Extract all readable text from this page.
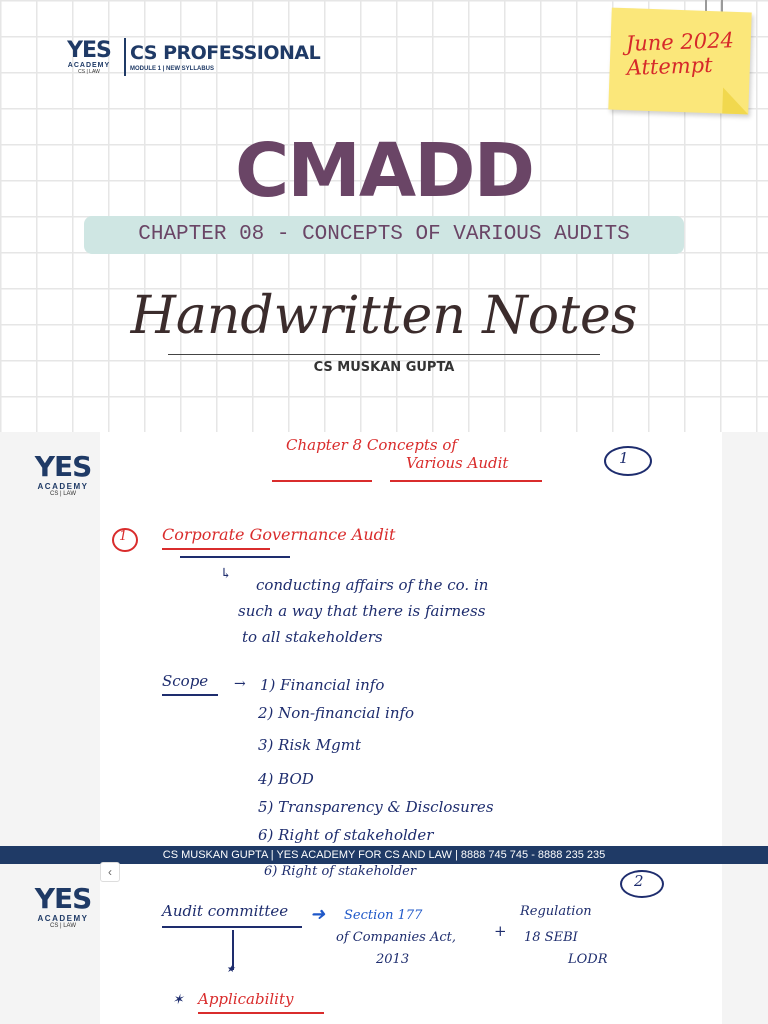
YES
ACADEMY
CS | LAW
CS PROFESSIONAL
MODULE 1 | NEW SYLLABUS
June 2024
Attempt
CMADD
CHAPTER 08 - CONCEPTS OF VARIOUS AUDITS
Handwritten Notes
CS MUSKAN GUPTA
YES
ACADEMY
CS | LAW
Chapter 8 Concepts of
Various Audit	1
1 Corporate Governance Audit
↳
conducting affairs of the co. in
such a way that there is fairness
to all stakeholders
Scope → 1) Financial info
2) Non-financial info
3) Risk Mgmt
4) BOD
5) Transparency & Disclosures
6) Right of stakeholder
CS MUSKAN GUPTA | YES ACADEMY FOR CS AND LAW | 8888 745 745 - 8888 235 235
6) Right of stakeholder
2
Audit committee ➜ Section 177
of Companies Act,
2013
+
Regulation
18 SEBI
LODR
★
✶ Applicability
YES
ACADEMY
CS | LAW
‹
